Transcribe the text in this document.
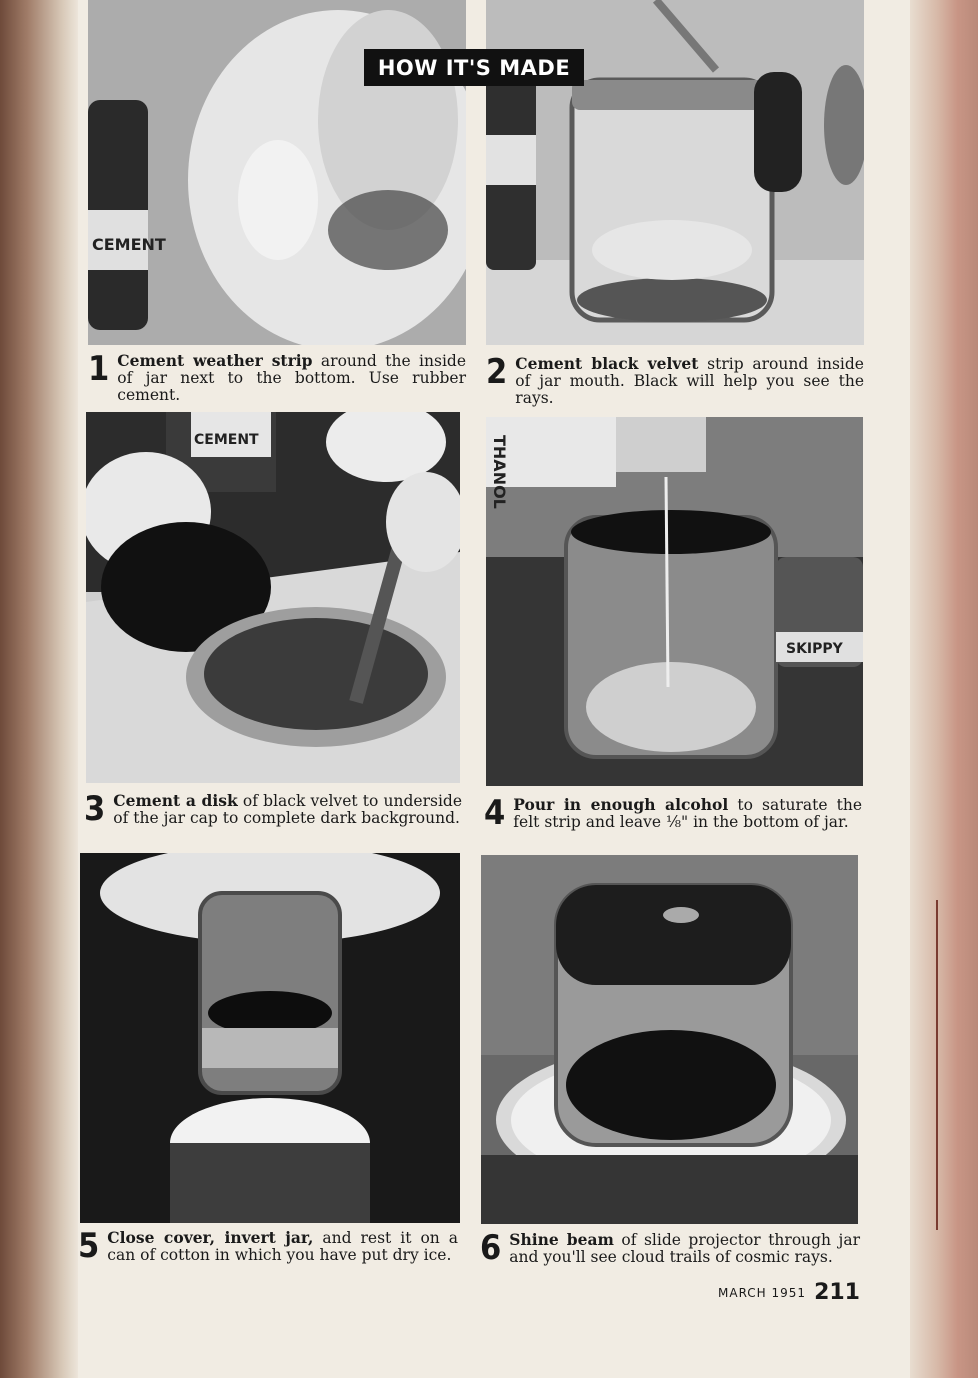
CEMENT
HOW IT'S MADE
1 Cement weather strip around the inside of jar next to the bottom. Use rubber cement.
2 Cement black velvet strip around inside of jar mouth. Black will help you see the rays.
CEMENT	THANOL
SKIPPY
3 Cement a disk of black velvet to underside of the jar cap to complete dark background. 4 Pour in enough alcohol to saturate the felt strip and leave ⅛" in the bottom of jar.
5 Close cover, invert jar, and rest it on a can of cotton in which you have put dry ice. 6 Shine beam of slide projector through jar and you'll see cloud trails of cosmic rays.
MARCH 1951 211
